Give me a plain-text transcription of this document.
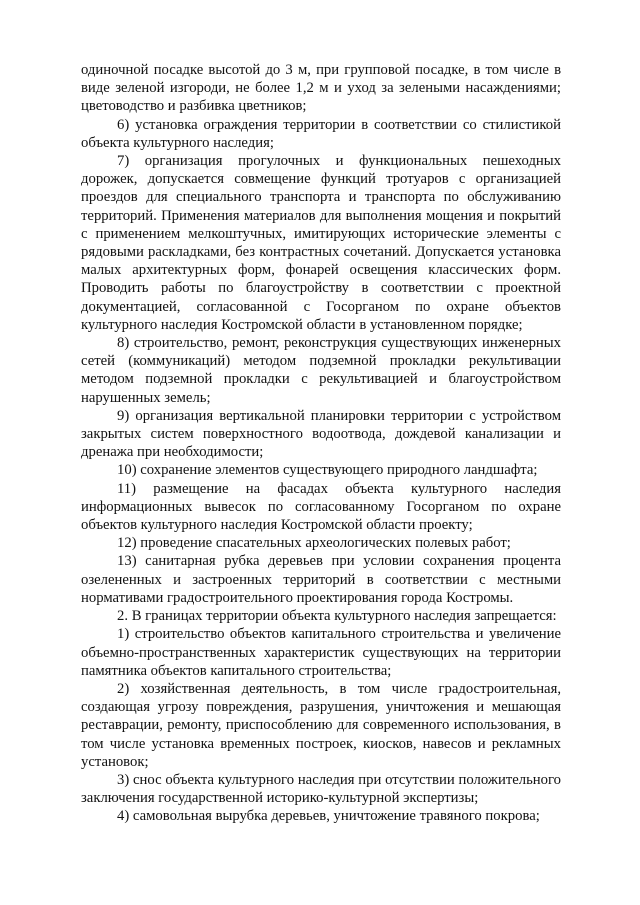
одиночной посадке высотой до 3 м, при групповой посадке, в том числе в виде зеленой изгороди, не более 1,2 м и уход за зелеными насаждениями; цветоводство и разбивка цветников;

6) установка ограждения территории в соответствии со стилистикой объекта культурного наследия;

7) организация прогулочных и функциональных пешеходных дорожек, допускается совмещение функций тротуаров с организацией проездов для специального транспорта и транспорта по обслуживанию территорий. Применения материалов для выполнения мощения и покрытий с применением мелкоштучных, имитирующих исторические элементы с рядовыми раскладками, без контрастных сочетаний. Допускается установка малых архитектурных форм, фонарей освещения классических форм. Проводить работы по благоустройству в соответствии с проектной документацией, согласованной с Госорганом по охране объектов культурного наследия Костромской области в установленном порядке;

8) строительство, ремонт, реконструкция существующих инженерных сетей (коммуникаций) методом подземной прокладки рекультивации методом подземной прокладки с рекультивацией и благоустройством нарушенных земель;

9) организация вертикальной планировки территории с устройством закрытых систем поверхностного водоотвода, дождевой канализации и дренажа при необходимости;

10) сохранение элементов существующего природного ландшафта;

11) размещение на фасадах объекта культурного наследия информационных вывесок по согласованному Госорганом по охране объектов культурного наследия Костромской области проекту;

12) проведение спасательных археологических полевых работ;

13) санитарная рубка деревьев при условии сохранения процента озелененных и застроенных территорий в соответствии с местными нормативами градостроительного проектирования города Костромы.

2. В границах территории объекта культурного наследия запрещается:

1) строительство объектов капитального строительства и увеличение объемно-пространственных характеристик существующих на территории памятника объектов капитального строительства;

2) хозяйственная деятельность, в том числе градостроительная, создающая угрозу повреждения, разрушения, уничтожения и мешающая реставрации, ремонту, приспособлению для современного использования, в том числе установка временных построек, киосков, навесов и рекламных установок;

3) снос объекта культурного наследия при отсутствии положительного заключения государственной историко-культурной экспертизы;

4) самовольная вырубка деревьев, уничтожение травяного покрова;
